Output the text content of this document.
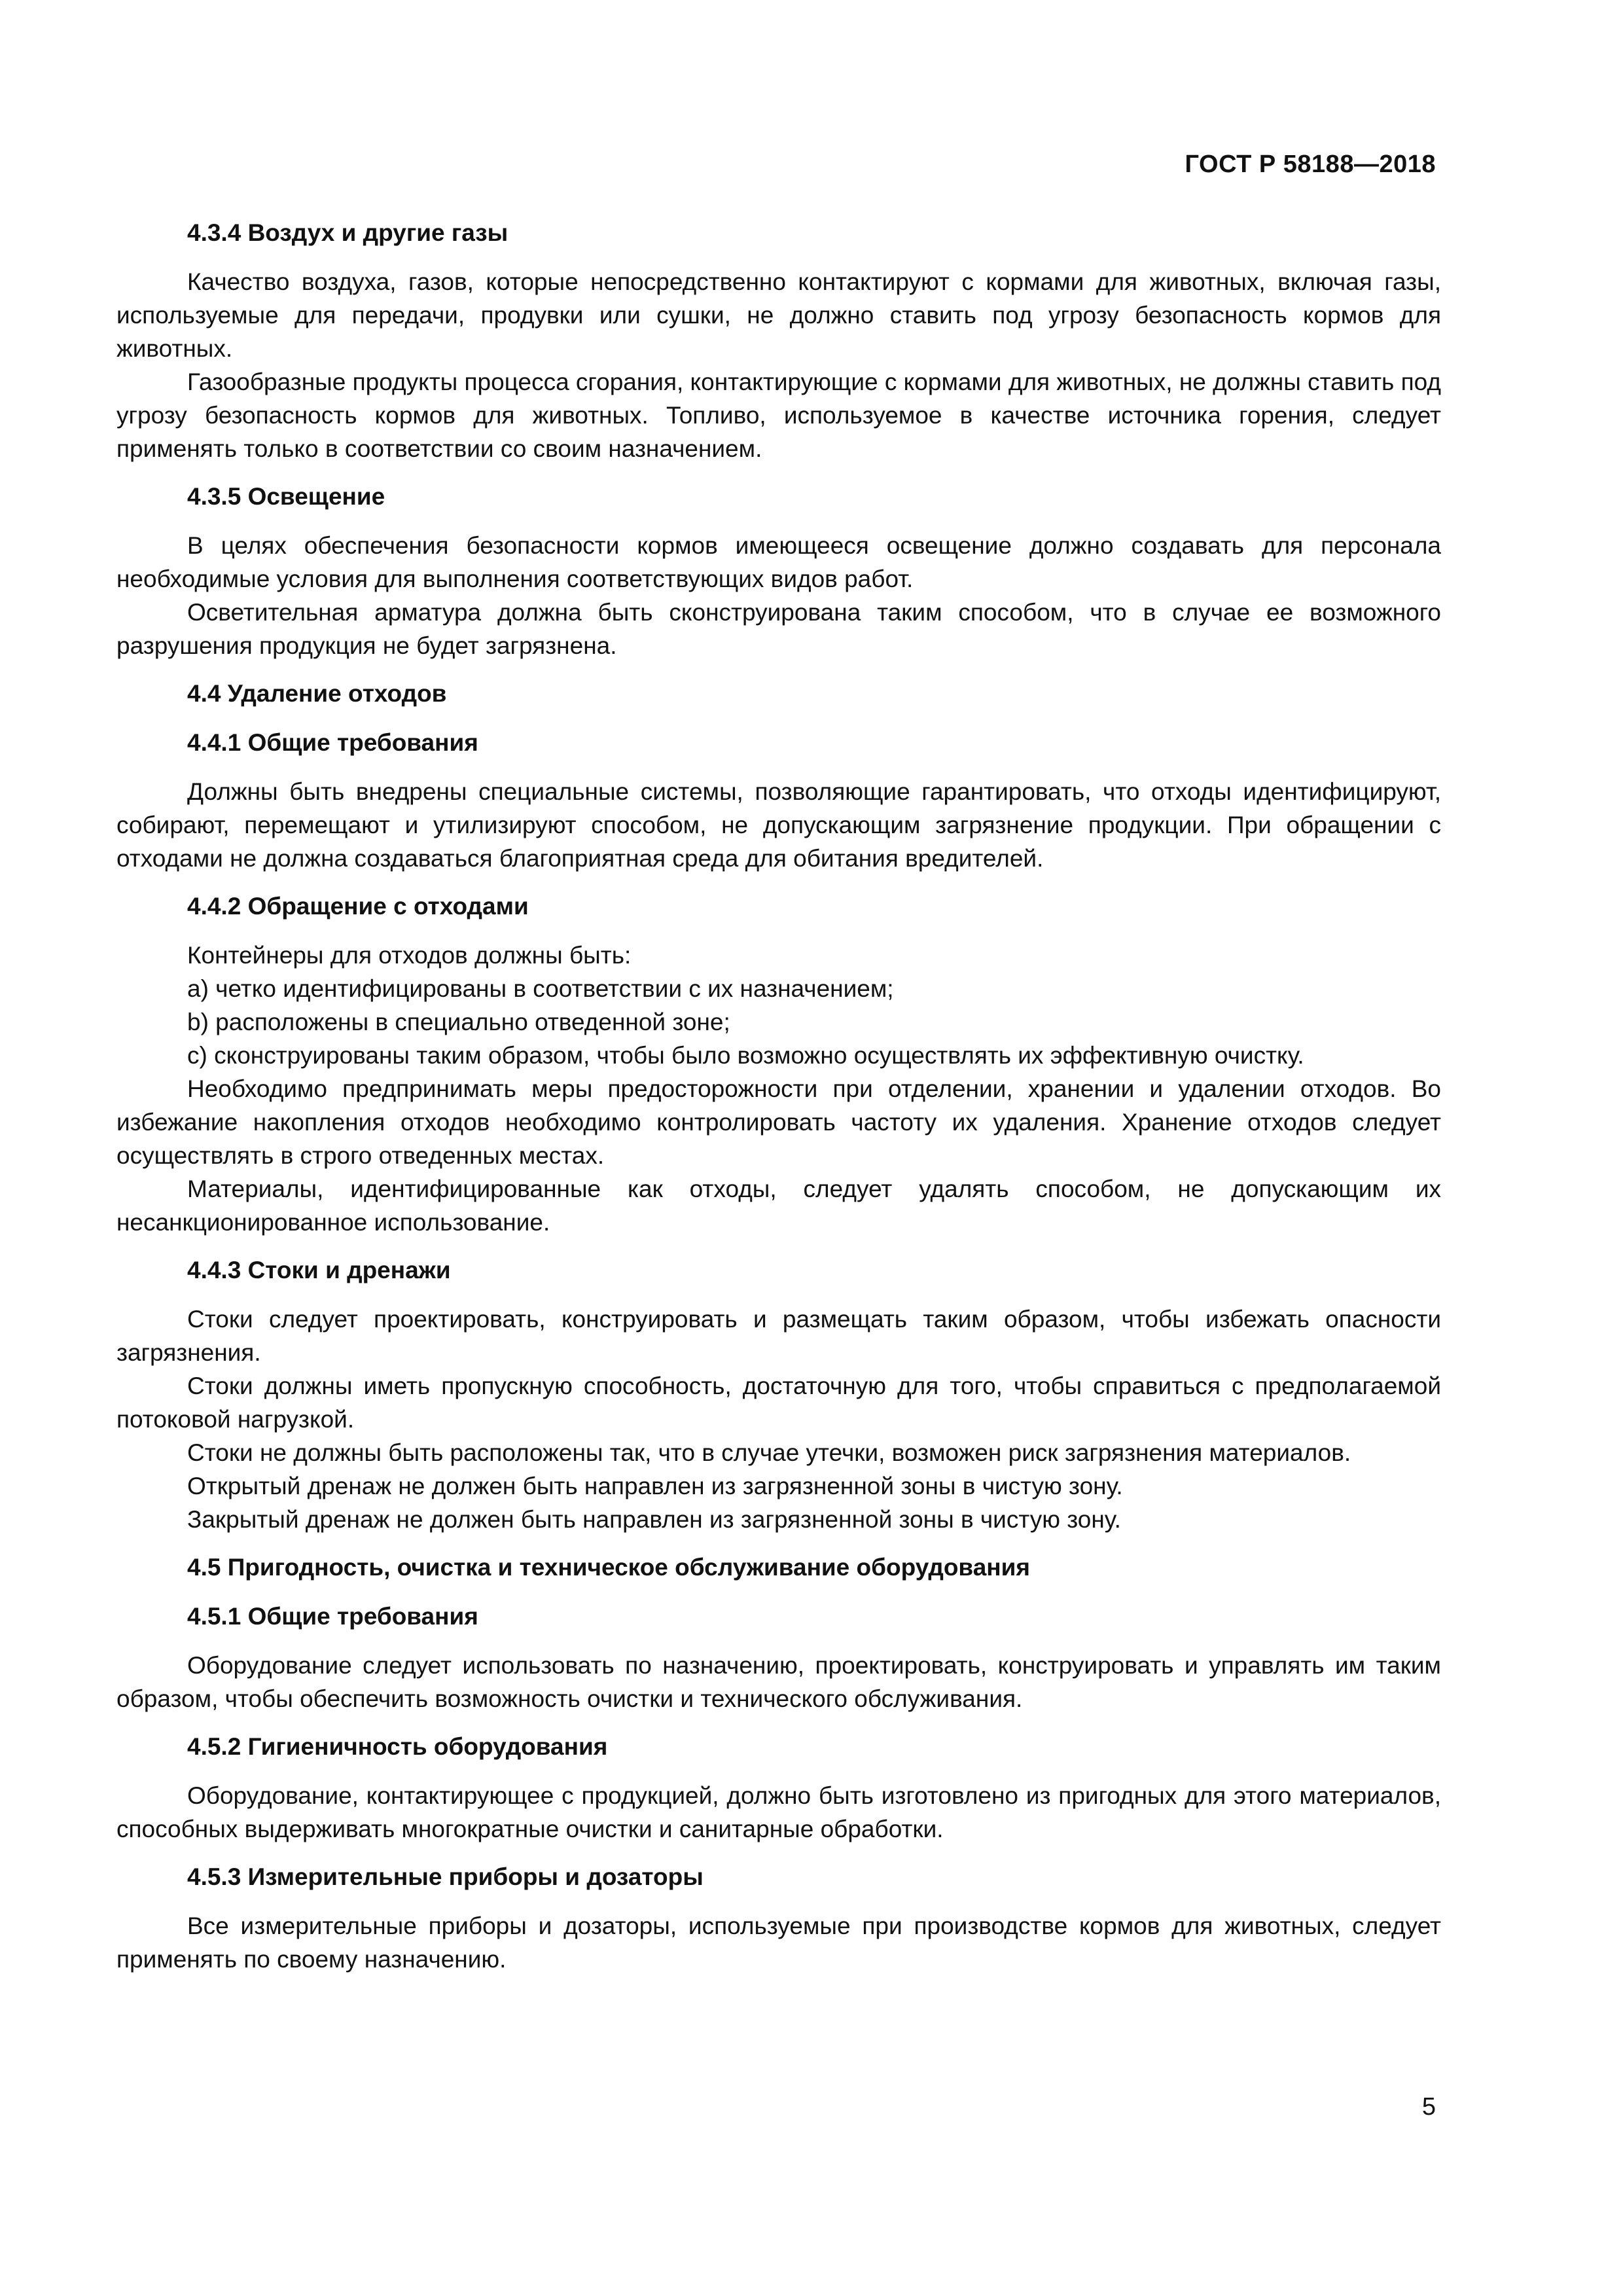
ГОСТ Р 58188—2018
4.3.4 Воздух и другие газы

Качество воздуха, газов, которые непосредственно контактируют с кормами для животных, включая газы, используемые для передачи, продувки или сушки, не должно ставить под угрозу безопасность кормов для животных.

Газообразные продукты процесса сгорания, контактирующие с кормами для животных, не должны ставить под угрозу безопасность кормов для животных. Топливо, используемое в качестве источника горения, следует применять только в соответствии со своим назначением.

4.3.5 Освещение

В целях обеспечения безопасности кормов имеющееся освещение должно создавать для персонала необходимые условия для выполнения соответствующих видов работ.

Осветительная арматура должна быть сконструирована таким способом, что в случае ее возможного разрушения продукция не будет загрязнена.

4.4 Удаление отходов
4.4.1 Общие требования

Должны быть внедрены специальные системы, позволяющие гарантировать, что отходы идентифицируют, собирают, перемещают и утилизируют способом, не допускающим загрязнение продукции. При обращении с отходами не должна создаваться благоприятная среда для обитания вредителей.

4.4.2 Обращение с отходами

Контейнеры для отходов должны быть:

a) четко идентифицированы в соответствии с их назначением;

b) расположены в специально отведенной зоне;

c) сконструированы таким образом, чтобы было возможно осуществлять их эффективную очистку.

Необходимо предпринимать меры предосторожности при отделении, хранении и удалении отходов. Во избежание накопления отходов необходимо контролировать частоту их удаления. Хранение отходов следует осуществлять в строго отведенных местах.

Материалы, идентифицированные как отходы, следует удалять способом, не допускающим их несанкционированное использование.

4.4.3 Стоки и дренажи

Стоки следует проектировать, конструировать и размещать таким образом, чтобы избежать опасности загрязнения.

Стоки должны иметь пропускную способность, достаточную для того, чтобы справиться с предполагаемой потоковой нагрузкой.

Стоки не должны быть расположены так, что в случае утечки, возможен риск загрязнения материалов.

Открытый дренаж не должен быть направлен из загрязненной зоны в чистую зону.

Закрытый дренаж не должен быть направлен из загрязненной зоны в чистую зону.

4.5 Пригодность, очистка и техническое обслуживание оборудования
4.5.1 Общие требования

Оборудование следует использовать по назначению, проектировать, конструировать и управлять им таким образом, чтобы обеспечить возможность очистки и технического обслуживания.

4.5.2 Гигиеничность оборудования

Оборудование, контактирующее с продукцией, должно быть изготовлено из пригодных для этого материалов, способных выдерживать многократные очистки и санитарные обработки.

4.5.3 Измерительные приборы и дозаторы

Все измерительные приборы и дозаторы, используемые при производстве кормов для животных, следует применять по своему назначению.

5
